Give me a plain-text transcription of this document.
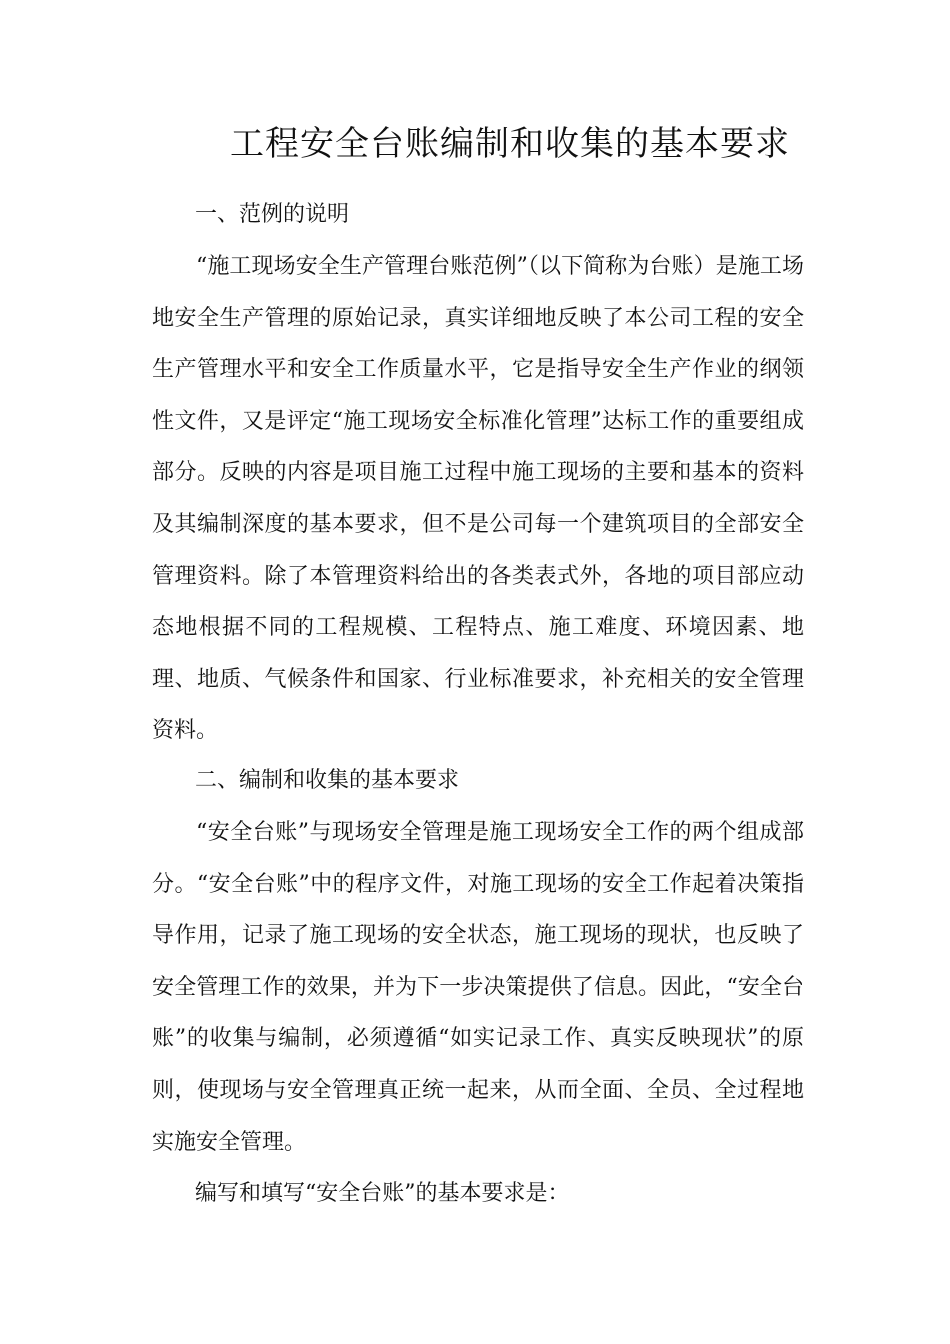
工程安全台账编制和收集的基本要求

一、范例的说明

“施工现场安全生产管理台账范例”（以下简称为台账）是施工场地安全生产管理的原始记录，真实详细地反映了本公司工程的安全生产管理水平和安全工作质量水平，它是指导安全生产作业的纲领性文件，又是评定“施工现场安全标准化管理”达标工作的重要组成部分。反映的内容是项目施工过程中施工现场的主要和基本的资料及其编制深度的基本要求，但不是公司每一个建筑项目的全部安全管理资料。除了本管理资料给出的各类表式外，各地的项目部应动态地根据不同的工程规模、工程特点、施工难度、环境因素、地理、地质、气候条件和国家、行业标准要求，补充相关的安全管理资料。

二、编制和收集的基本要求

“安全台账”与现场安全管理是施工现场安全工作的两个组成部分。“安全台账”中的程序文件，对施工现场的安全工作起着决策指导作用，记录了施工现场的安全状态，施工现场的现状，也反映了安全管理工作的效果，并为下一步决策提供了信息。因此，“安全台账”的收集与编制，必须遵循“如实记录工作、真实反映现状”的原则，使现场与安全管理真正统一起来，从而全面、全员、全过程地实施安全管理。

编写和填写“安全台账”的基本要求是：
